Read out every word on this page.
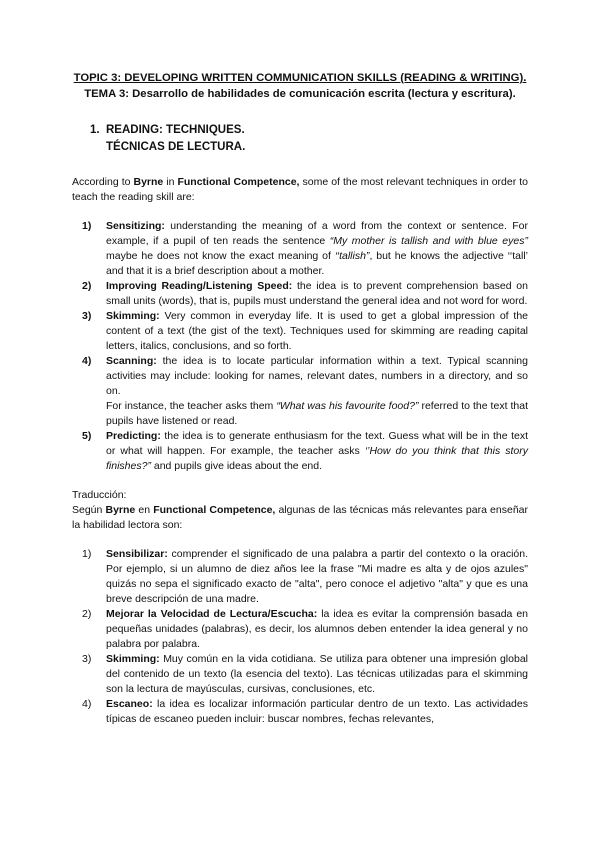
TOPIC 3: DEVELOPING WRITTEN COMMUNICATION SKILLS (READING & WRITING).
TEMA 3: Desarrollo de habilidades de comunicación escrita (lectura y escritura).
1. READING: TECHNIQUES.
TÉCNICAS DE LECTURA.

According to Byrne in Functional Competence, some of the most relevant techniques in order to teach the reading skill are:

1)	Sensitizing: understanding the meaning of a word from the context or sentence. For example, if a pupil of ten reads the sentence “My mother is tallish and with blue eyes” maybe he does not know the exact meaning of ‘‘tallish”, but he knows the adjective ‘‘tall’ and that it is a brief description about a mother.
2)	Improving Reading/Listening Speed: the idea is to prevent comprehension based on small units (words), that is, pupils must understand the general idea and not word for word.
3)	Skimming: Very common in everyday life. It is used to get a global impression of the content of a text (the gist of the text). Techniques used for skimming are reading capital letters, italics, conclusions, and so forth.
4)	Scanning: the idea is to locate particular information within a text. Typical scanning activities may include: looking for names, relevant dates, numbers in a directory, and so on.
For instance, the teacher asks them “What was his favourite food?” referred to the text that pupils have listened or read.
5)	Predicting: the idea is to generate enthusiasm for the text. Guess what will be in the text or what will happen. For example, the teacher asks ‘’How do you think that this story finishes?” and pupils give ideas about the end.
Traducción:

Según Byrne en Functional Competence, algunas de las técnicas más relevantes para enseñar la habilidad lectora son:

1)	Sensibilizar: comprender el significado de una palabra a partir del contexto o la oración. Por ejemplo, si un alumno de diez años lee la frase "Mi madre es alta y de ojos azules" quizás no sepa el significado exacto de "alta", pero conoce el adjetivo "alta" y que es una breve descripción de una madre.
2)	Mejorar la Velocidad de Lectura/Escucha: la idea es evitar la comprensión basada en pequeñas unidades (palabras), es decir, los alumnos deben entender la idea general y no palabra por palabra.
3)	Skimming: Muy común en la vida cotidiana. Se utiliza para obtener una impresión global del contenido de un texto (la esencia del texto). Las técnicas utilizadas para el skimming son la lectura de mayúsculas, cursivas, conclusiones, etc.
4)	Escaneo: la idea es localizar información particular dentro de un texto. Las actividades típicas de escaneo pueden incluir: buscar nombres, fechas relevantes,
